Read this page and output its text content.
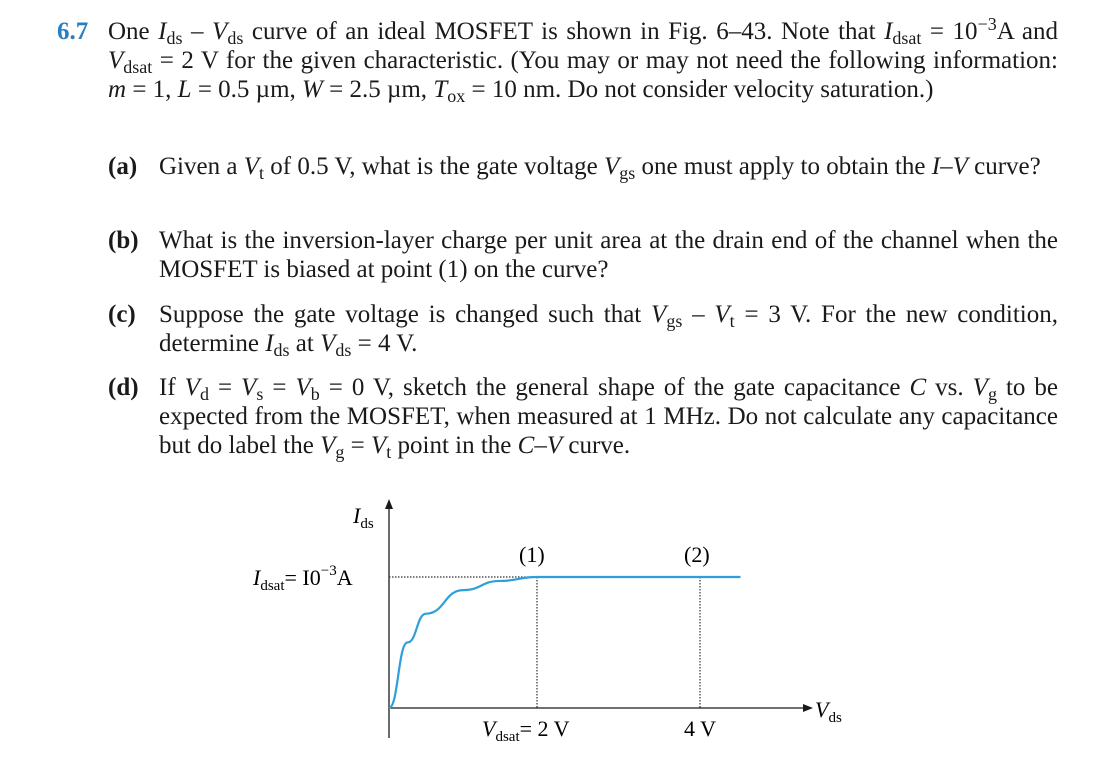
6.7 One $I_{ds} - V_{ds}$ curve of an ideal MOSFET is shown in Fig. 6–43. Note that $I_{dsat} = 10^{-3}A$ and $V_{dsat} = 2$ V for the given characteristic. (You may or may not need the following information: m = 1, L = 0.5 µm, W = 2.5 µm, $T_{ox} = 10$ nm. Do not consider velocity saturation.)
(a) Given a $V_t$ of 0.5 V, what is the gate voltage $V_{gs}$ one must apply to obtain the I–V curve?
(b) What is the inversion-layer charge per unit area at the drain end of the channel when the MOSFET is biased at point (1) on the curve?
(c) Suppose the gate voltage is changed such that $V_{gs} - V_t = 3$ V. For the new condition, determine $I_{ds}$ at $V_{ds} = 4$ V.
(d) If $V_d = V_s = V_b = 0$ V, sketch the general shape of the gate capacitance C vs. $V_g$ to be expected from the MOSFET, when measured at 1 MHz. Do not calculate any capacitance but do label the $V_g = V_t$ point in the C–V curve.
$I_{ds}$
$V_{ds}$
$I_{dsat}= I0^{-3}A$
$V_{dsat}= 2$ V	4 V
(1)	(2)
